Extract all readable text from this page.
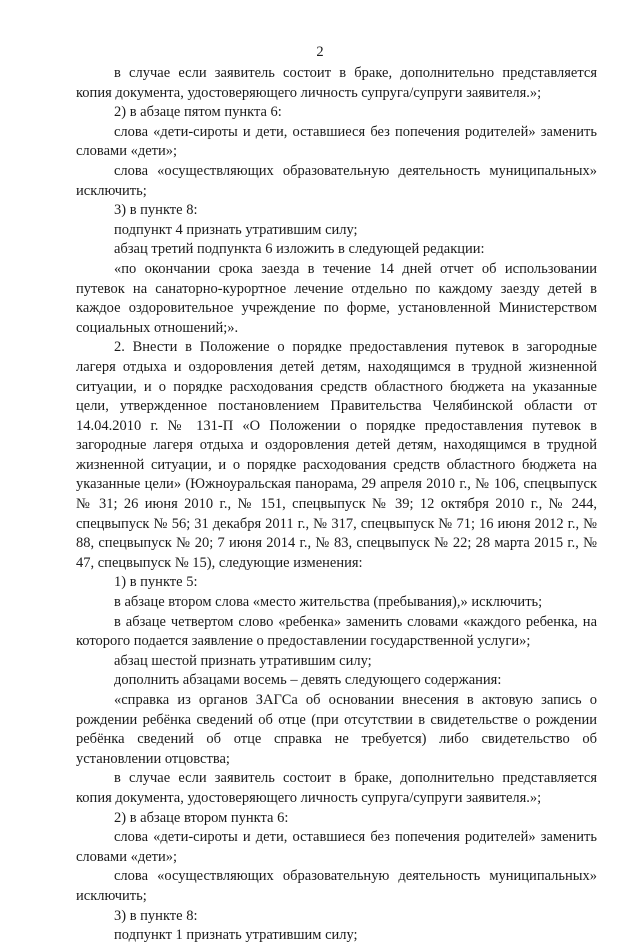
2

в случае если заявитель состоит в браке, дополнительно представляется копия документа, удостоверяющего личность супруга/супруги заявителя.»;

2) в абзаце пятом пункта 6:

слова «дети-сироты и дети, оставшиеся без попечения родителей» заменить словами «дети»;

слова «осуществляющих образовательную деятельность муниципальных» исключить;

3) в пункте 8:

подпункт 4 признать утратившим силу;

абзац третий подпункта 6 изложить в следующей редакции:

«по окончании срока заезда в течение 14 дней отчет об использовании путевок на санаторно-курортное лечение отдельно по каждому заезду детей в каждое оздоровительное учреждение по форме, установленной Министерством социальных отношений;».

2. Внести в Положение о порядке предоставления путевок в загородные лагеря отдыха и оздоровления детей детям, находящимся в трудной жизненной ситуации, и о порядке расходования средств областного бюджета на указанные цели, утвержденное постановлением Правительства Челябинской области от 14.04.2010 г. № 131-П «О Положении о порядке предоставления путевок в загородные лагеря отдыха и оздоровления детей детям, находящимся в трудной жизненной ситуации, и о порядке расходования средств областного бюджета на указанные цели» (Южноуральская панорама, 29 апреля 2010 г., № 106, спецвыпуск № 31; 26 июня 2010 г., № 151, спецвыпуск № 39; 12 октября 2010 г., № 244, спецвыпуск № 56; 31 декабря 2011 г., № 317, спецвыпуск № 71; 16 июня 2012 г., № 88, спецвыпуск № 20; 7 июня 2014 г., № 83, спецвыпуск № 22; 28 марта 2015 г., № 47, спецвыпуск № 15), следующие изменения:

1) в пункте 5:

в абзаце втором слова «место жительства (пребывания),» исключить;

в абзаце четвертом слово «ребенка» заменить словами «каждого ребенка, на которого подается заявление о предоставлении государственной услуги»;

абзац шестой признать утратившим силу;

дополнить абзацами восемь – девять следующего содержания:

«справка из органов ЗАГСа об основании внесения в актовую запись о рождении ребёнка сведений об отце (при отсутствии в свидетельстве о рождении ребёнка сведений об отце справка не требуется) либо свидетельство об установлении отцовства;

в случае если заявитель состоит в браке, дополнительно представляется копия документа, удостоверяющего личность супруга/супруги заявителя.»;

2) в абзаце втором пункта 6:

слова «дети-сироты и дети, оставшиеся без попечения родителей» заменить словами «дети»;

слова «осуществляющих образовательную деятельность муниципальных» исключить;

3) в пункте 8:

подпункт 1 признать утратившим силу;
